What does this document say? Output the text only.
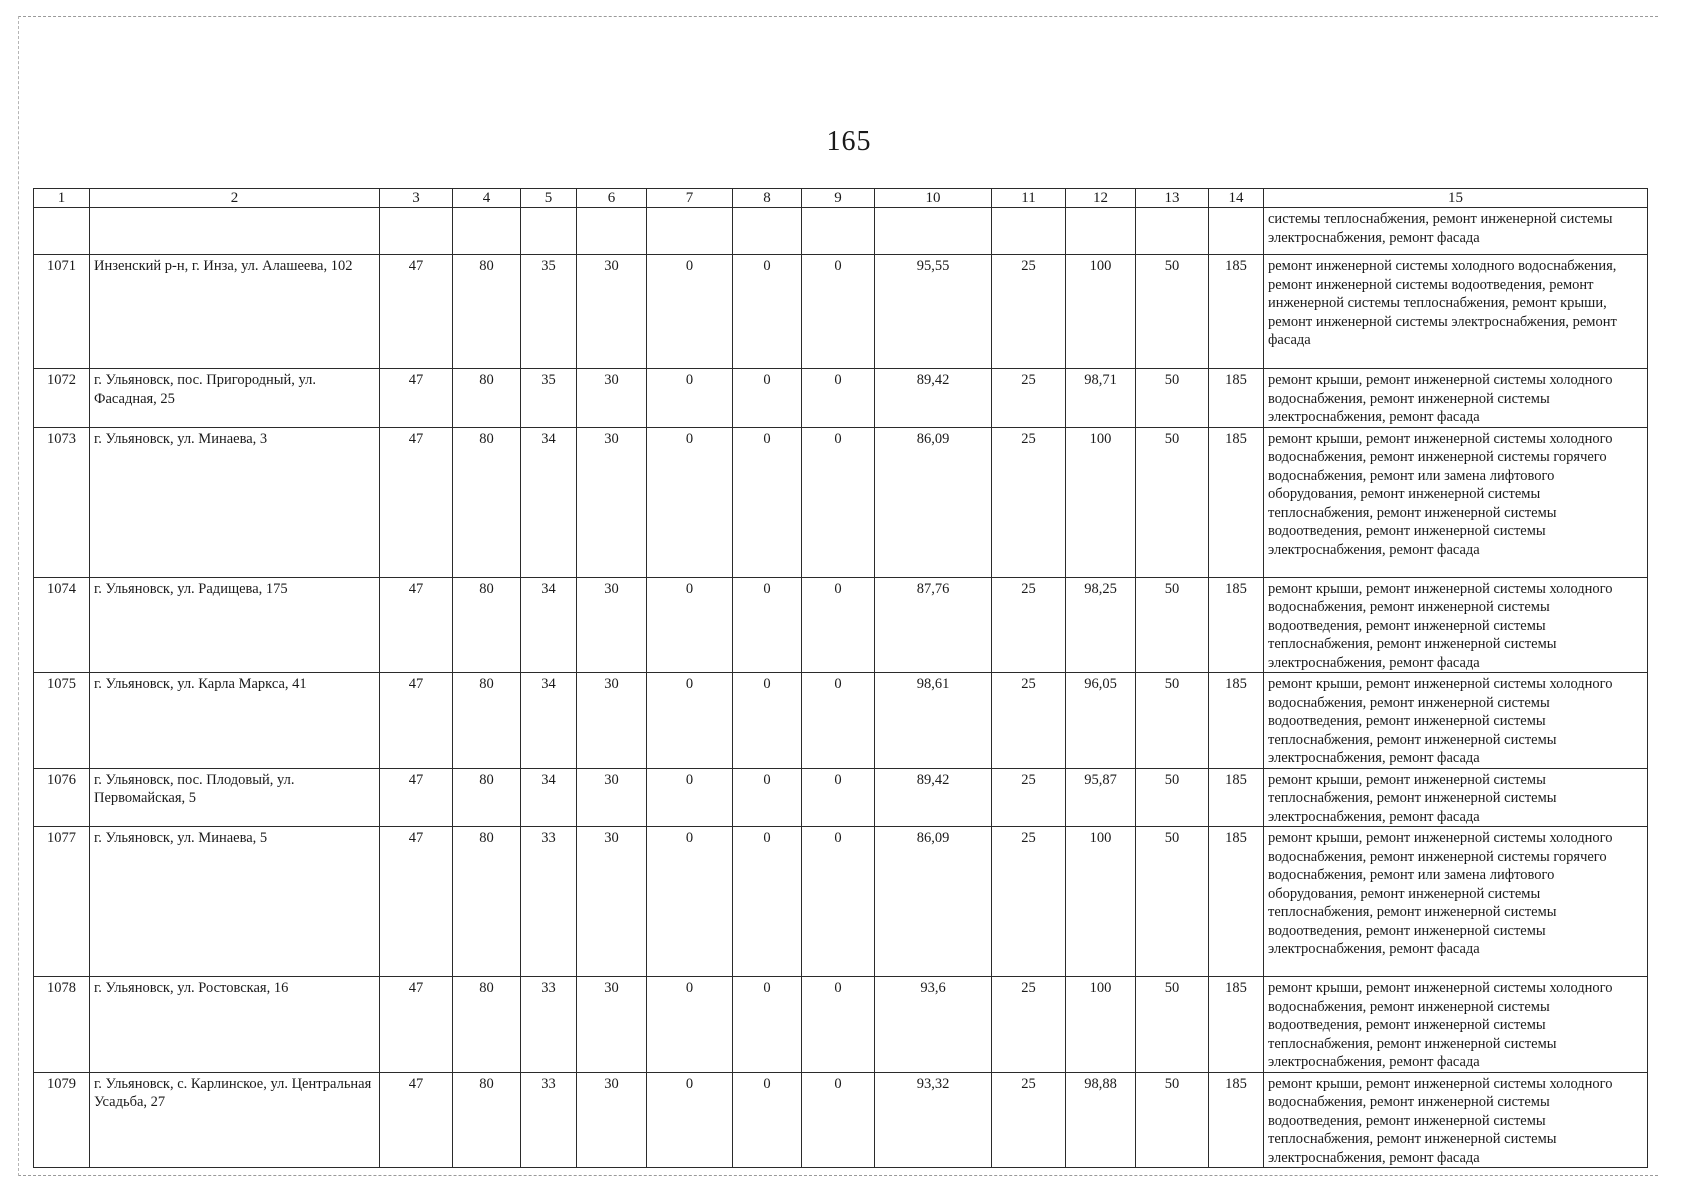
165
1	2	3	4	5	6	7	8	9	10	11	12	13	14	15
														системы теплоснабжения, ремонт инженерной системы электроснабжения, ремонт фасада
1071	Инзенский р-н, г. Инза, ул. Алашеева, 102	47	80	35	30	0	0	0	95,55	25	100	50	185	ремонт инженерной системы холодного водоснабжения, ремонт инженерной системы водоотведения, ремонт инженерной системы теплоснабжения, ремонт крыши, ремонт инженерной системы электроснабжения, ремонт фасада
1072	г. Ульяновск, пос. Пригородный, ул. Фасадная, 25	47	80	35	30	0	0	0	89,42	25	98,71	50	185	ремонт крыши, ремонт инженерной системы холодного водоснабжения, ремонт инженерной системы электроснабжения, ремонт фасада
1073	г. Ульяновск, ул. Минаева, 3	47	80	34	30	0	0	0	86,09	25	100	50	185	ремонт крыши, ремонт инженерной системы холодного водоснабжения, ремонт инженерной системы горячего водоснабжения, ремонт или замена лифтового оборудования, ремонт инженерной системы теплоснабжения, ремонт инженерной системы водоотведения, ремонт инженерной системы электроснабжения, ремонт фасада
1074	г. Ульяновск, ул. Радищева, 175	47	80	34	30	0	0	0	87,76	25	98,25	50	185	ремонт крыши, ремонт инженерной системы холодного водоснабжения, ремонт инженерной системы водоотведения, ремонт инженерной системы теплоснабжения, ремонт инженерной системы электроснабжения, ремонт фасада
1075	г. Ульяновск, ул. Карла Маркса, 41	47	80	34	30	0	0	0	98,61	25	96,05	50	185	ремонт крыши, ремонт инженерной системы холодного водоснабжения, ремонт инженерной системы водоотведения, ремонт инженерной системы теплоснабжения, ремонт инженерной системы электроснабжения, ремонт фасада
1076	г. Ульяновск, пос. Плодовый, ул. Первомайская, 5	47	80	34	30	0	0	0	89,42	25	95,87	50	185	ремонт крыши, ремонт инженерной системы теплоснабжения, ремонт инженерной системы электроснабжения, ремонт фасада
1077	г. Ульяновск, ул. Минаева, 5	47	80	33	30	0	0	0	86,09	25	100	50	185	ремонт крыши, ремонт инженерной системы холодного водоснабжения, ремонт инженерной системы горячего водоснабжения, ремонт или замена лифтового оборудования, ремонт инженерной системы теплоснабжения, ремонт инженерной системы водоотведения, ремонт инженерной системы электроснабжения, ремонт фасада
1078	г. Ульяновск, ул. Ростовская, 16	47	80	33	30	0	0	0	93,6	25	100	50	185	ремонт крыши, ремонт инженерной системы холодного водоснабжения, ремонт инженерной системы водоотведения, ремонт инженерной системы теплоснабжения, ремонт инженерной системы электроснабжения, ремонт фасада
1079	г. Ульяновск, с. Карлинское, ул. Центральная Усадьба, 27	47	80	33	30	0	0	0	93,32	25	98,88	50	185	ремонт крыши, ремонт инженерной системы холодного водоснабжения, ремонт инженерной системы водоотведения, ремонт инженерной системы теплоснабжения, ремонт инженерной системы электроснабжения, ремонт фасада
